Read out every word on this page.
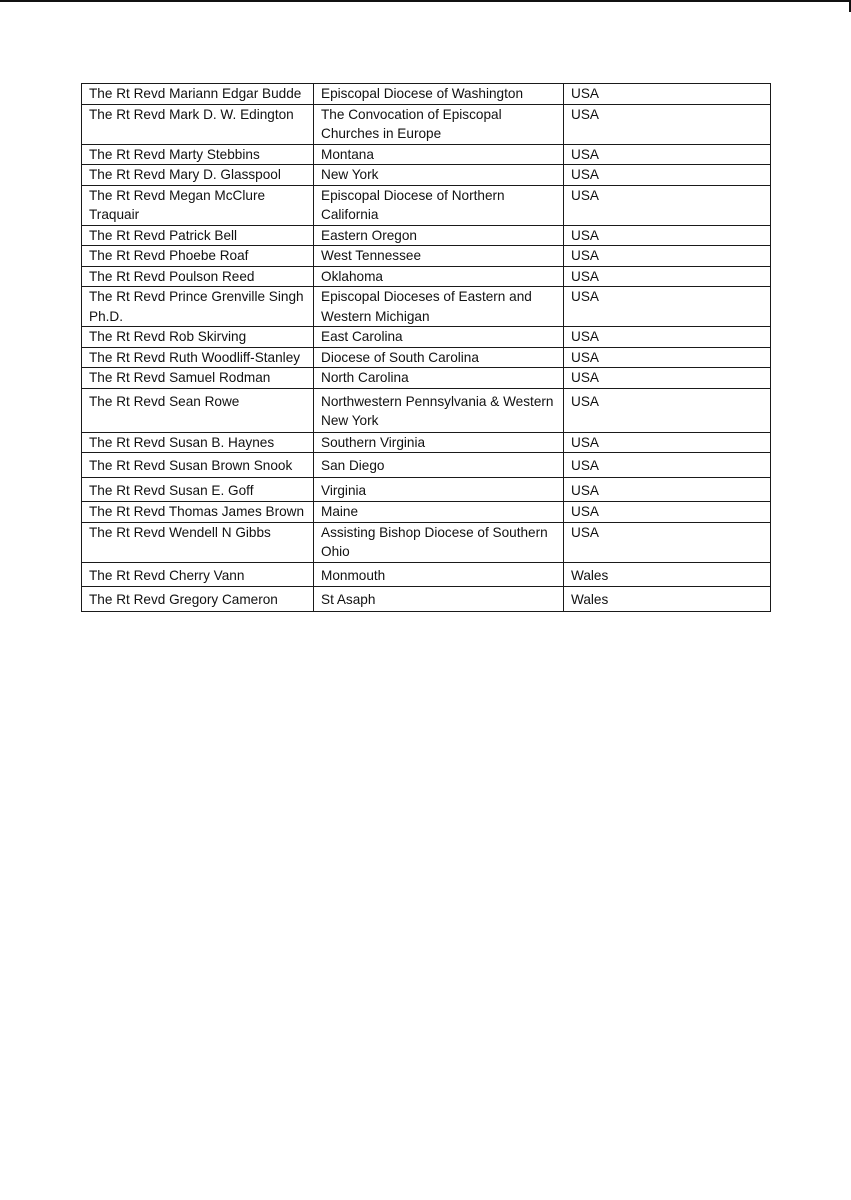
The Rt Revd Mariann Edgar Budde	Episcopal Diocese of Washington	USA
The Rt Revd Mark D. W. Edington	The Convocation of Episcopal Churches in Europe	USA
The Rt Revd Marty Stebbins	Montana	USA
The Rt Revd Mary D. Glasspool	New York	USA
The Rt Revd Megan McClure Traquair	Episcopal Diocese of Northern California	USA
The Rt Revd Patrick Bell	Eastern Oregon	USA
The Rt Revd Phoebe Roaf	West Tennessee	USA
The Rt Revd Poulson Reed	Oklahoma	USA
The Rt Revd Prince Grenville Singh Ph.D.	Episcopal Dioceses of Eastern and Western Michigan	USA
The Rt Revd Rob Skirving	East Carolina	USA
The Rt Revd Ruth Woodliff-Stanley	Diocese of South Carolina	USA
The Rt Revd Samuel Rodman	North Carolina	USA
The Rt Revd Sean Rowe	Northwestern Pennsylvania & Western New York	USA
The Rt Revd Susan B. Haynes	Southern Virginia	USA
The Rt Revd Susan Brown Snook	San Diego	USA
The Rt Revd Susan E. Goff	Virginia	USA
The Rt Revd Thomas James Brown	Maine	USA
The Rt Revd Wendell N Gibbs	Assisting Bishop Diocese of Southern Ohio	USA
The Rt Revd Cherry Vann	Monmouth	Wales
The Rt Revd Gregory Cameron	St Asaph	Wales
